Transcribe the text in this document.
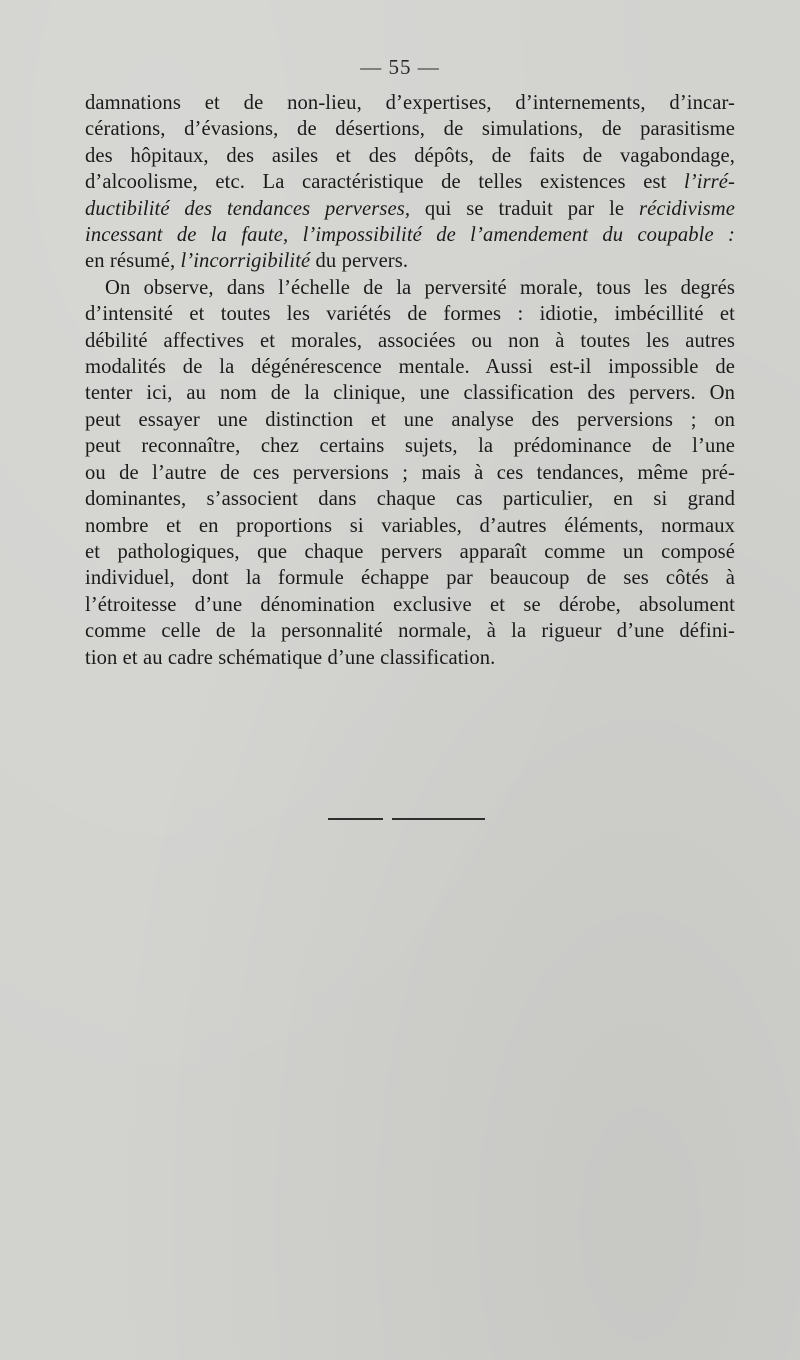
— 55 —

damnations et de non-lieu, d’expertises, d’internements, d’incar-
cérations, d’évasions, de désertions, de simulations, de parasitisme
des hôpitaux, des asiles et des dépôts, de faits de vagabondage,
d’alcoolisme, etc. La caractéristique de telles existences est l’irré-
ductibilité des tendances perverses, qui se traduit par le récidivisme
incessant de la faute, l’impossibilité de l’amendement du coupable :
en résumé, l’incorrigibilité du pervers.

On observe, dans l’échelle de la perversité morale, tous les degrés
d’intensité et toutes les variétés de formes : idiotie, imbécillité et
débilité affectives et morales, associées ou non à toutes les autres
modalités de la dégénérescence mentale. Aussi est-il impossible de
tenter ici, au nom de la clinique, une classification des pervers. On
peut essayer une distinction et une analyse des perversions ; on
peut reconnaître, chez certains sujets, la prédominance de l’une
ou de l’autre de ces perversions ; mais à ces tendances, même pré-
dominantes, s’associent dans chaque cas particulier, en si grand
nombre et en proportions si variables, d’autres éléments, normaux
et pathologiques, que chaque pervers apparaît comme un composé
individuel, dont la formule échappe par beaucoup de ses côtés à
l’étroitesse d’une dénomination exclusive et se dérobe, absolument
comme celle de la personnalité normale, à la rigueur d’une défini-
tion et au cadre schématique d’une classification.
